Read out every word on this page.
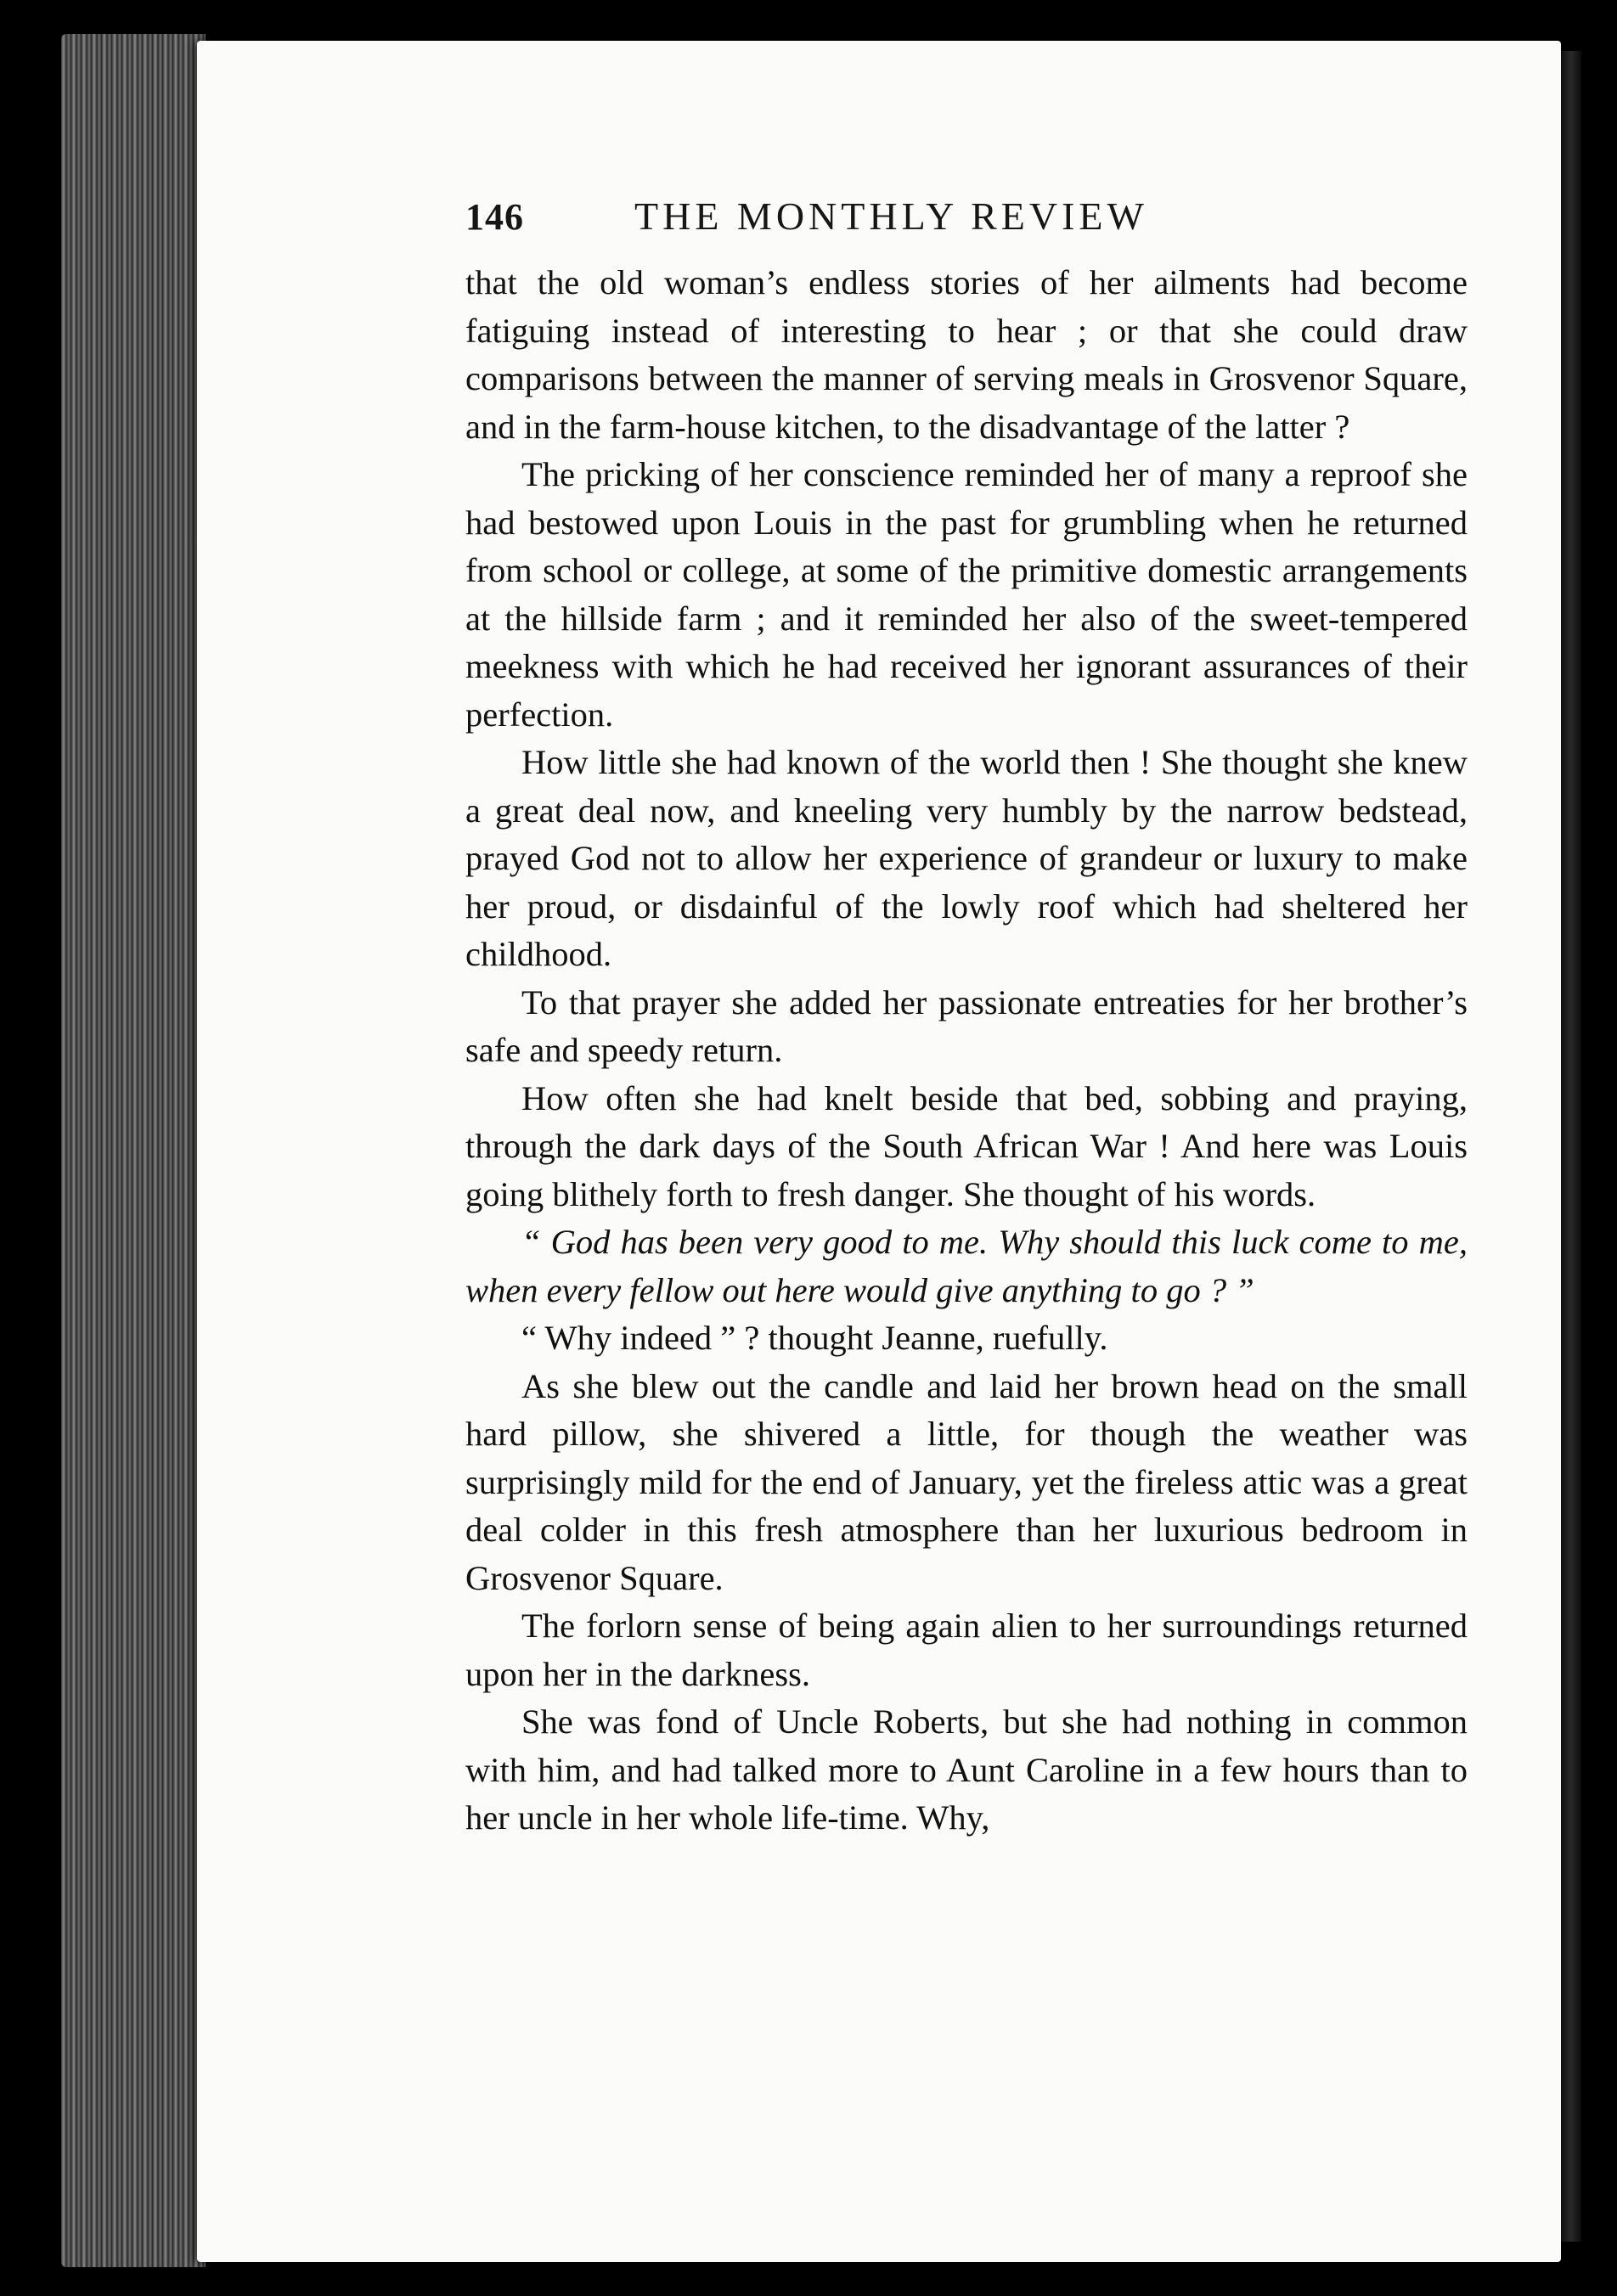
146	THE MONTHLY REVIEW

that the old woman’s endless stories of her ailments had become fatiguing instead of interesting to hear ; or that she could draw comparisons between the manner of serving meals in Grosvenor Square, and in the farm-house kitchen, to the disadvantage of the latter ?

The pricking of her conscience reminded her of many a reproof she had bestowed upon Louis in the past for grumbling when he returned from school or college, at some of the primitive domestic arrangements at the hillside farm ; and it reminded her also of the sweet-tempered meekness with which he had received her ignorant assurances of their perfection.

How little she had known of the world then ! She thought she knew a great deal now, and kneeling very humbly by the narrow bedstead, prayed God not to allow her experience of grandeur or luxury to make her proud, or disdainful of the lowly roof which had sheltered her childhood.

To that prayer she added her passionate entreaties for her brother’s safe and speedy return.

How often she had knelt beside that bed, sobbing and praying, through the dark days of the South African War ! And here was Louis going blithely forth to fresh danger. She thought of his words.

“ God has been very good to me. Why should this luck come to me, when every fellow out here would give anything to go ? ”

“ Why indeed ” ? thought Jeanne, ruefully.

As she blew out the candle and laid her brown head on the small hard pillow, she shivered a little, for though the weather was surprisingly mild for the end of January, yet the fireless attic was a great deal colder in this fresh atmosphere than her luxurious bedroom in Grosvenor Square.

The forlorn sense of being again alien to her surroundings returned upon her in the darkness.

She was fond of Uncle Roberts, but she had nothing in common with him, and had talked more to Aunt Caroline in a few hours than to her uncle in her whole life-time. Why,
